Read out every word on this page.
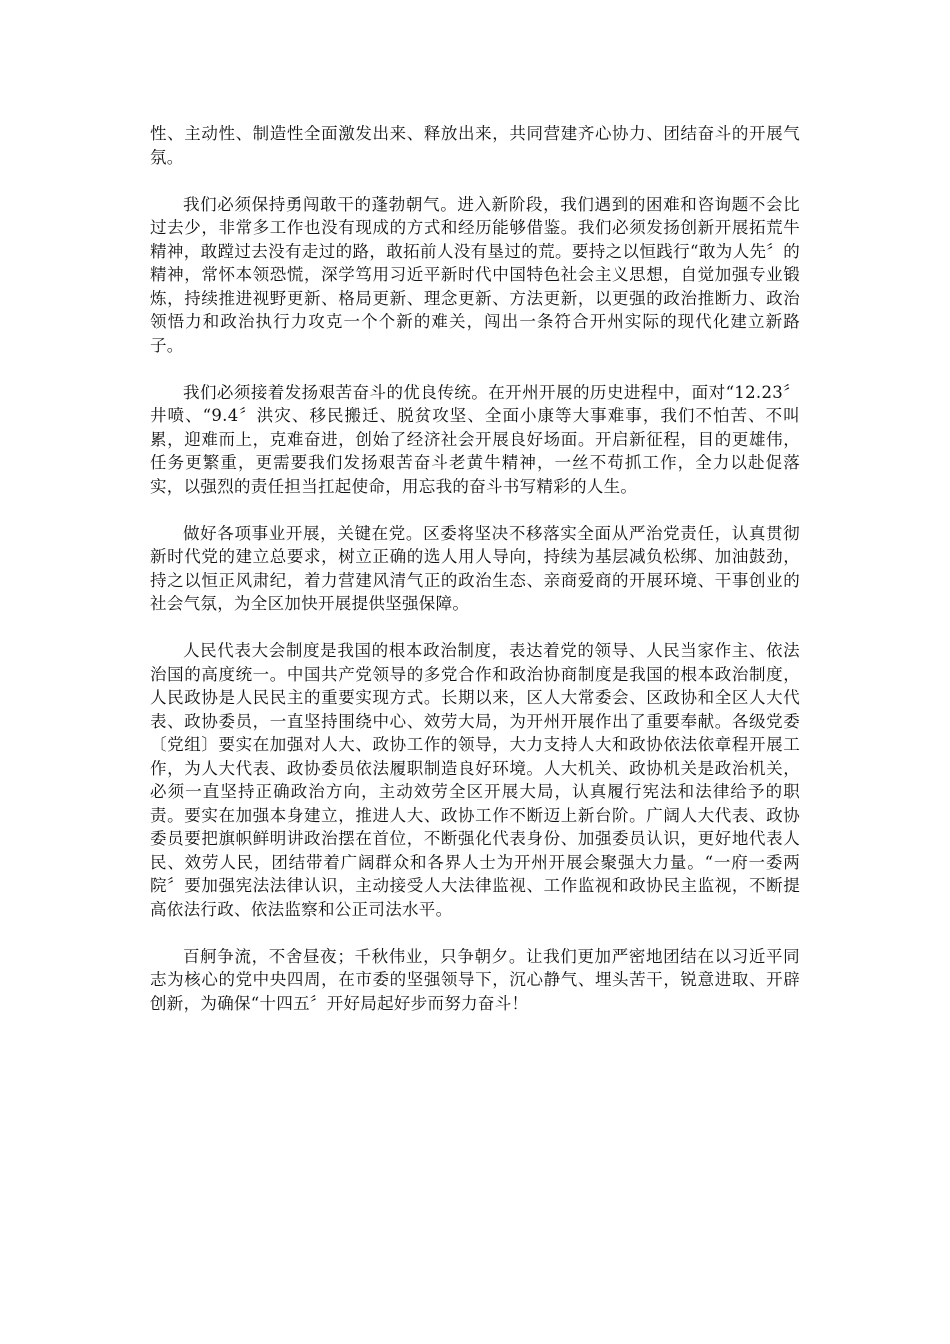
性、主动性、制造性全面激发出来、释放出来，共同营建齐心协力、团结奋斗的开展气氛。

我们必须保持勇闯敢干的蓬勃朝气。进入新阶段，我们遇到的困难和咨询题不会比过去少，非常多工作也没有现成的方式和经历能够借鉴。我们必须发扬创新开展拓荒牛精神，敢蹚过去没有走过的路，敢拓前人没有垦过的荒。要持之以恒践行“敢为人先〞的精神，常怀本领恐慌，深学笃用习近平新时代中国特色社会主义思想，自觉加强专业锻炼，持续推进视野更新、格局更新、理念更新、方法更新，以更强的政治推断力、政治领悟力和政治执行力攻克一个个新的难关，闯出一条符合开州实际的现代化建立新路子。

我们必须接着发扬艰苦奋斗的优良传统。在开州开展的历史进程中，面对“12.23〞井喷、“9.4〞洪灾、移民搬迁、脱贫攻坚、全面小康等大事难事，我们不怕苦、不叫累，迎难而上，克难奋进，创始了经济社会开展良好场面。开启新征程，目的更雄伟，任务更繁重，更需要我们发扬艰苦奋斗老黄牛精神，一丝不苟抓工作，全力以赴促落实，以强烈的责任担当扛起使命，用忘我的奋斗书写精彩的人生。

做好各项事业开展，关键在党。区委将坚决不移落实全面从严治党责任，认真贯彻新时代党的建立总要求，树立正确的选人用人导向，持续为基层减负松绑、加油鼓劲，持之以恒正风肃纪，着力营建风清气正的政治生态、亲商爱商的开展环境、干事创业的社会气氛，为全区加快开展提供坚强保障。

人民代表大会制度是我国的根本政治制度，表达着党的领导、人民当家作主、依法治国的高度统一。中国共产党领导的多党合作和政治协商制度是我国的根本政治制度，人民政协是人民民主的重要实现方式。长期以来，区人大常委会、区政协和全区人大代表、政协委员，一直坚持围绕中心、效劳大局，为开州开展作出了重要奉献。各级党委〔党组〕要实在加强对人大、政协工作的领导，大力支持人大和政协依法依章程开展工作，为人大代表、政协委员依法履职制造良好环境。人大机关、政协机关是政治机关，必须一直坚持正确政治方向，主动效劳全区开展大局，认真履行宪法和法律给予的职责。要实在加强本身建立，推进人大、政协工作不断迈上新台阶。广阔人大代表、政协委员要把旗帜鲜明讲政治摆在首位，不断强化代表身份、加强委员认识，更好地代表人民、效劳人民，团结带着广阔群众和各界人士为开州开展会聚强大力量。“一府一委两院〞要加强宪法法律认识，主动接受人大法律监视、工作监视和政协民主监视，不断提高依法行政、依法监察和公正司法水平。

百舸争流，不舍昼夜；千秋伟业，只争朝夕。让我们更加严密地团结在以习近平同志为核心的党中央四周，在市委的坚强领导下，沉心静气、埋头苦干，锐意进取、开辟创新，为确保“十四五〞开好局起好步而努力奋斗！
